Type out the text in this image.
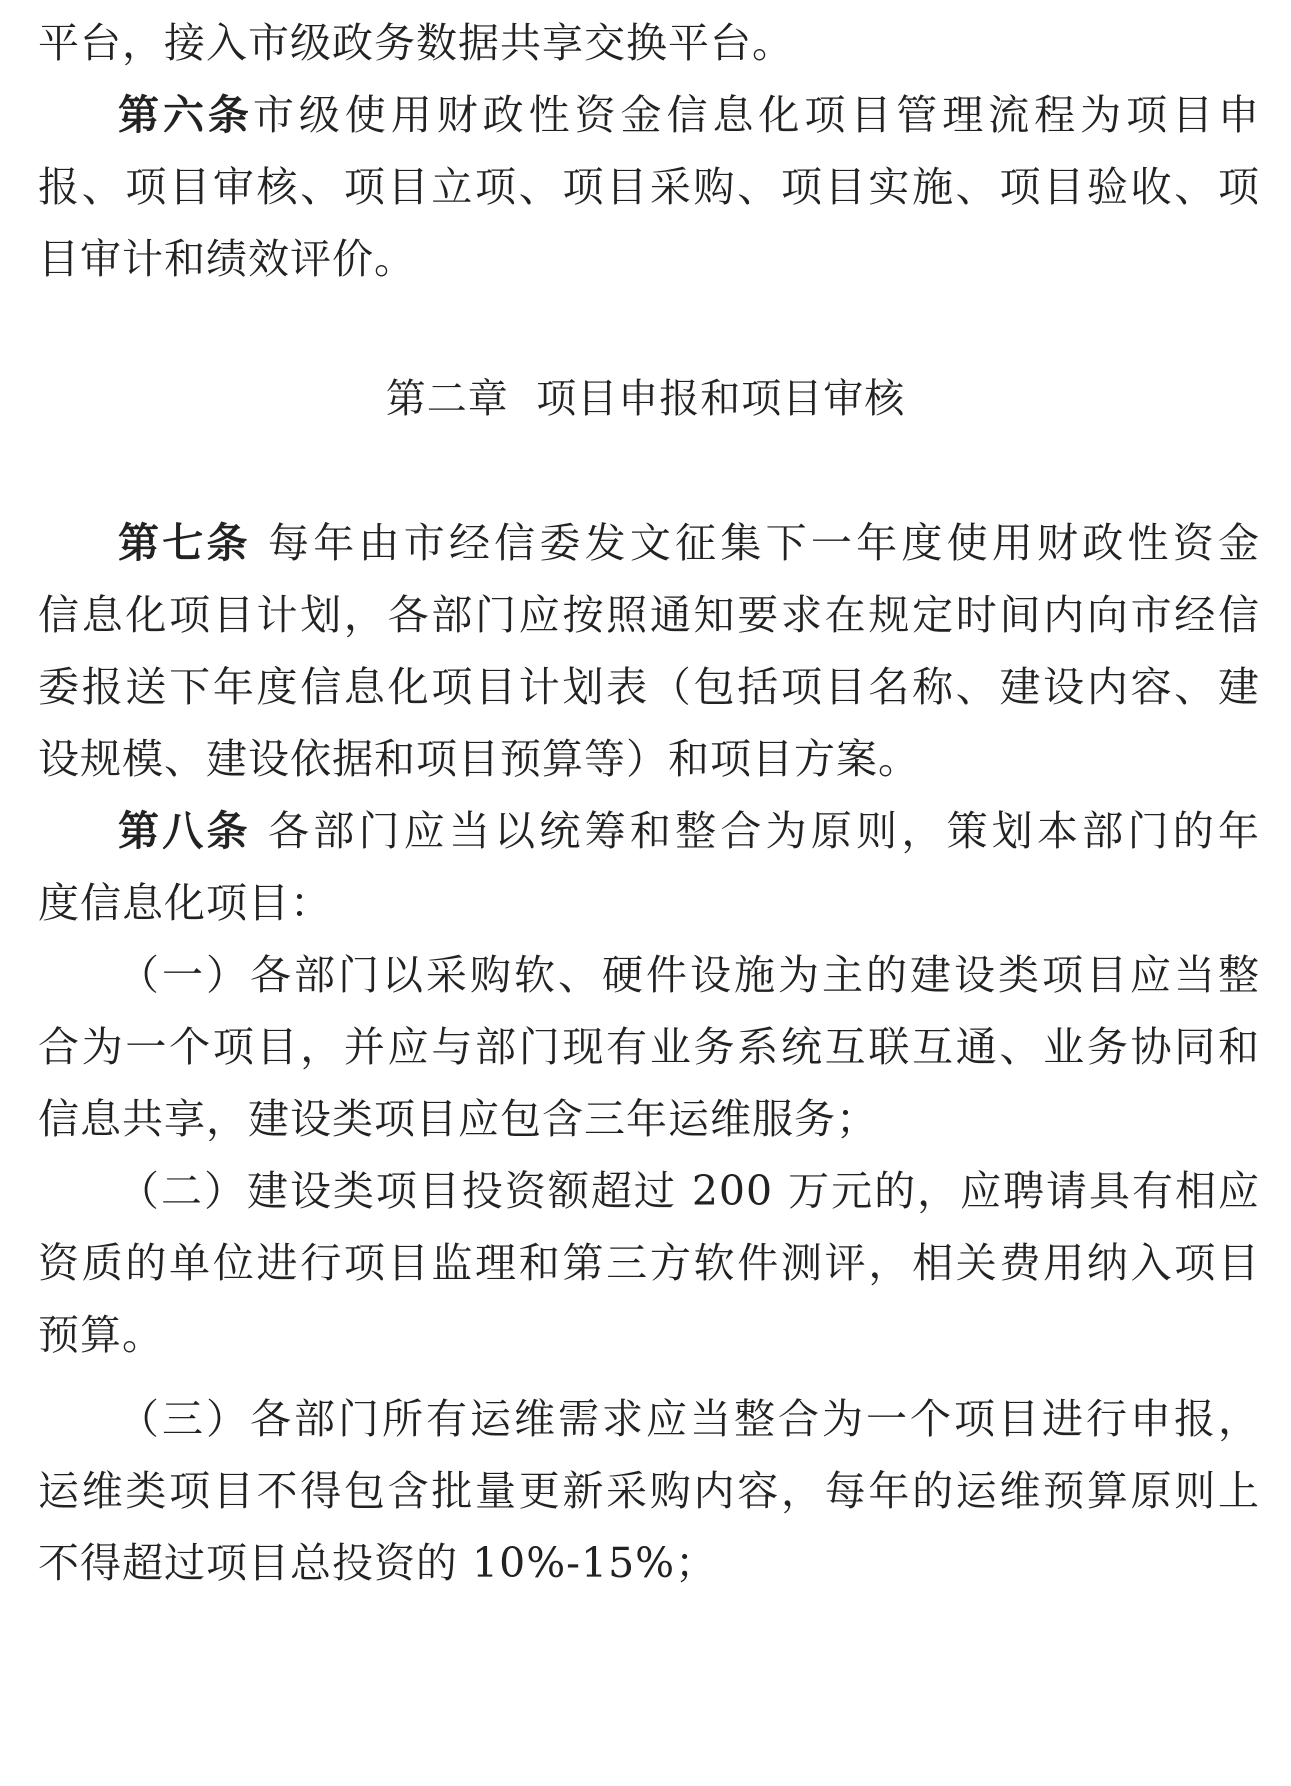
平台，接入市级政务数据共享交换平台。
第六条市级使用财政性资金信息化项目管理流程为项目申
报、项目审核、项目立项、项目采购、项目实施、项目验收、项
目审计和绩效评价。
第二章  项目申报和项目审核
第七条 每年由市经信委发文征集下一年度使用财政性资金
信息化项目计划，各部门应按照通知要求在规定时间内向市经信
委报送下年度信息化项目计划表（包括项目名称、建设内容、建
设规模、建设依据和项目预算等）和项目方案。
第八条 各部门应当以统筹和整合为原则，策划本部门的年
度信息化项目：
（一）各部门以采购软、硬件设施为主的建设类项目应当整
合为一个项目，并应与部门现有业务系统互联互通、业务协同和
信息共享，建设类项目应包含三年运维服务；
（二）建设类项目投资额超过 200 万元的，应聘请具有相应
资质的单位进行项目监理和第三方软件测评，相关费用纳入项目
预算。
（三）各部门所有运维需求应当整合为一个项目进行申报，
运维类项目不得包含批量更新采购内容，每年的运维预算原则上
不得超过项目总投资的 10%-15%；
